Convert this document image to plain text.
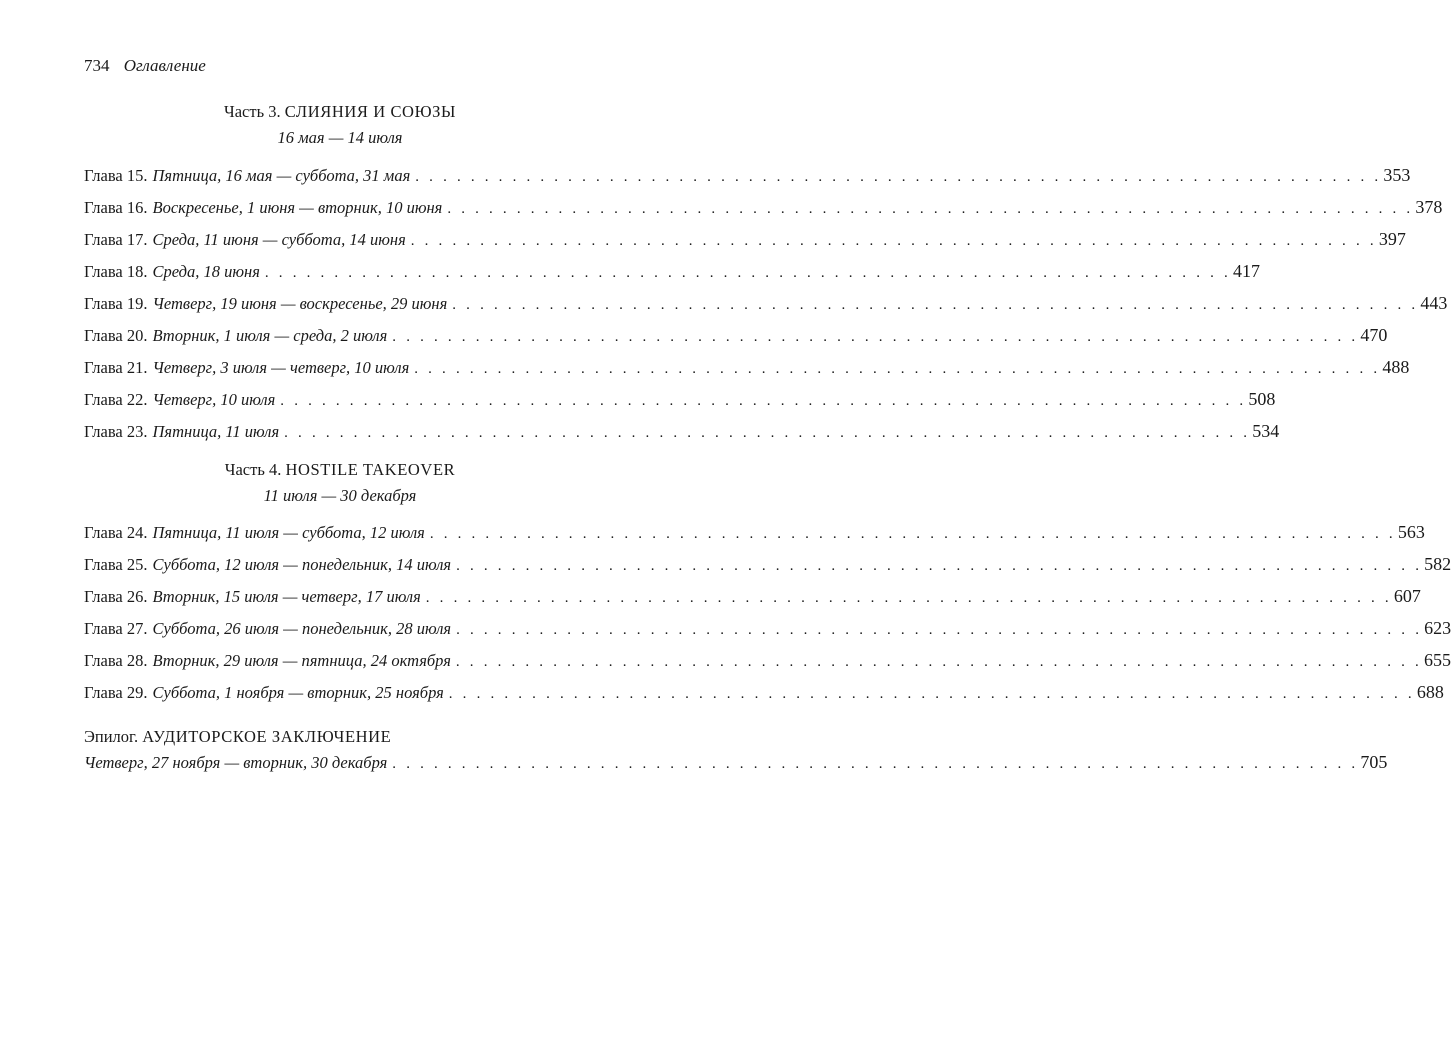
734 Оглавление
Часть 3. СЛИЯНИЯ И СОЮЗЫ
16 мая — 14 июля
Глава 15. Пятница, 16 мая — суббота, 31 мая . . . . . . . . . . . . . . . . . . . . . . . . . . . . . . . . . . . . . . . . . . . . . . . . . . . . . . . . . . . . . . . . . . . . . . 353
Глава 16. Воскресенье, 1 июня — вторник, 10 июня . . . . . . . . . . . . . . . . . . . . . . . . . . . . . . . . . . . . . . . . . . . . . . . . . . . . . . . . . . . . . . . . . . . . . . 378
Глава 17. Среда, 11 июня — суббота, 14 июня . . . . . . . . . . . . . . . . . . . . . . . . . . . . . . . . . . . . . . . . . . . . . . . . . . . . . . . . . . . . . . . . . . . . . . 397
Глава 18. Среда, 18 июня . . . . . . . . . . . . . . . . . . . . . . . . . . . . . . . . . . . . . . . . . . . . . . . . . . . . . . . . . . . . . . . . . . . . . . 417
Глава 19. Четверг, 19 июня — воскресенье, 29 июня . . . . . . . . . . . . . . . . . . . . . . . . . . . . . . . . . . . . . . . . . . . . . . . . . . . . . . . . . . . . . . . . . . . . . . 443
Глава 20. Вторник, 1 июля — среда, 2 июля . . . . . . . . . . . . . . . . . . . . . . . . . . . . . . . . . . . . . . . . . . . . . . . . . . . . . . . . . . . . . . . . . . . . . . 470
Глава 21. Четверг, 3 июля — четверг, 10 июля . . . . . . . . . . . . . . . . . . . . . . . . . . . . . . . . . . . . . . . . . . . . . . . . . . . . . . . . . . . . . . . . . . . . . . 488
Глава 22. Четверг, 10 июля . . . . . . . . . . . . . . . . . . . . . . . . . . . . . . . . . . . . . . . . . . . . . . . . . . . . . . . . . . . . . . . . . . . . . . 508
Глава 23. Пятница, 11 июля . . . . . . . . . . . . . . . . . . . . . . . . . . . . . . . . . . . . . . . . . . . . . . . . . . . . . . . . . . . . . . . . . . . . . . 534
Часть 4. HOSTILE TAKEOVER
11 июля — 30 декабря
Глава 24. Пятница, 11 июля — суббота, 12 июля . . . . . . . . . . . . . . . . . . . . . . . . . . . . . . . . . . . . . . . . . . . . . . . . . . . . . . . . . . . . . . . . . . . . . . 563
Глава 25. Суббота, 12 июля — понедельник, 14 июля . . . . . . . . . . . . . . . . . . . . . . . . . . . . . . . . . . . . . . . . . . . . . . . . . . . . . . . . . . . . . . . . . . . . . . 582
Глава 26. Вторник, 15 июля — четверг, 17 июля . . . . . . . . . . . . . . . . . . . . . . . . . . . . . . . . . . . . . . . . . . . . . . . . . . . . . . . . . . . . . . . . . . . . . . 607
Глава 27. Суббота, 26 июля — понедельник, 28 июля . . . . . . . . . . . . . . . . . . . . . . . . . . . . . . . . . . . . . . . . . . . . . . . . . . . . . . . . . . . . . . . . . . . . . . 623
Глава 28. Вторник, 29 июля — пятница, 24 октября . . . . . . . . . . . . . . . . . . . . . . . . . . . . . . . . . . . . . . . . . . . . . . . . . . . . . . . . . . . . . . . . . . . . . . 655
Глава 29. Суббота, 1 ноября — вторник, 25 ноября . . . . . . . . . . . . . . . . . . . . . . . . . . . . . . . . . . . . . . . . . . . . . . . . . . . . . . . . . . . . . . . . . . . . . . 688
Эпилог. АУДИТОРСКОЕ ЗАКЛЮЧЕНИЕ
Четверг, 27 ноября — вторник, 30 декабря . . . . . . . . . . . . . . . . . . . . . . . . . . . . . . . . . . . . . . . . . . . . . . . . . . . . . . . . . . . . . . . . . . . . . . 705
